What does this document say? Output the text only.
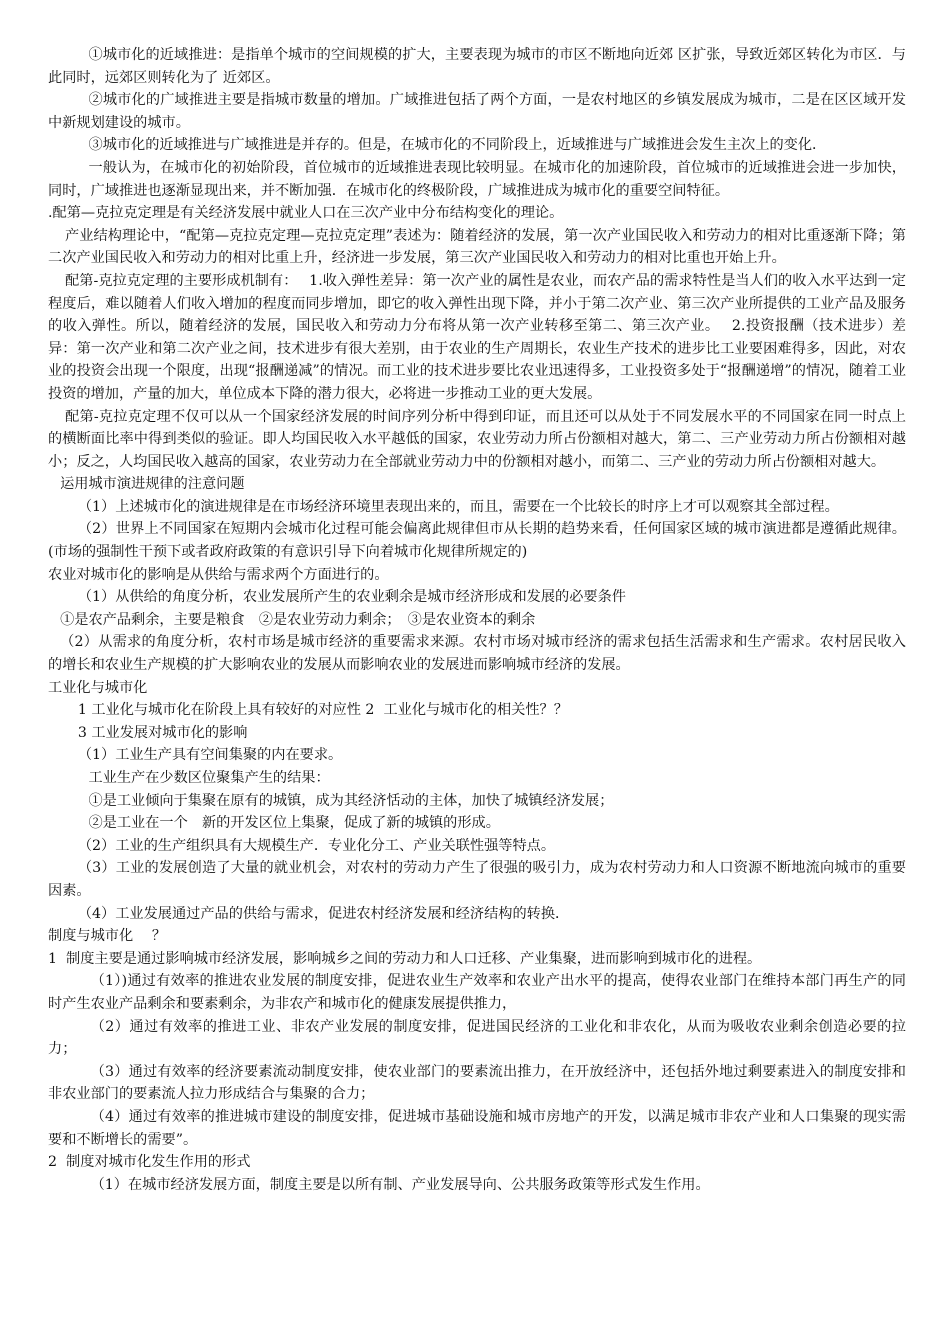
①城市化的近域推进：是指单个城市的空间规模的扩大，主要表现为城市的市区不断地向近郊 区扩张，导致近郊区转化为市区．与此同时，远郊区则转化为了 近郊区。

②城市化的广域推进主要是指城市数量的增加。广域推进包括了两个方面，一是农村地区的乡镇发展成为城市，二是在区区域开发中新规划建设的城市。

③城市化的近域推进与广域推进是并存的。但是，在城市化的不同阶段上，近域推进与广域推进会发生主次上的变化．

一般认为，在城市化的初始阶段，首位城市的近域推进表现比较明显。在城市化的加速阶段，首位城市的近域推进会进一步加快，同时，广域推进也逐渐显现出来，并不断加强．在城市化的终极阶段，广域推进成为城市化的重要空间特征。

.配第—克拉克定理是有关经济发展中就业人口在三次产业中分布结构变化的理论。

产业结构理论中，“配第—克拉克定理—克拉克定理”表述为：随着经济的发展，第一次产业国民收入和劳动力的相对比重逐渐下降；第二次产业国民收入和劳动力的相对比重上升，经济进一步发展，第三次产业国民收入和劳动力的相对比重也开始上升。

配第-克拉克定理的主要形成机制有：　 1.收入弹性差异：第一次产业的属性是农业，而农产品的需求特性是当人们的收入水平达到一定程度后，难以随着人们收入增加的程度而同步增加，即它的收入弹性出现下降，并小于第二次产业、第三次产业所提供的工业产品及服务的收入弹性。所以，随着经济的发展，国民收入和劳动力分布将从第一次产业转移至第二、第三次产业。　 2.投资报酬（技术进步）差异：第一次产业和第二次产业之间，技术进步有很大差别，由于农业的生产周期长，农业生产技术的进步比工业要困难得多，因此，对农业的投资会出现一个限度，出现“报酬递减”的情况。而工业的技术进步要比农业迅速得多，工业投资多处于“报酬递增”的情况，随着工业投资的增加，产量的加大，单位成本下降的潜力很大，必将进一步推动工业的更大发展。

配第-克拉克定理不仅可以从一个国家经济发展的时间序列分析中得到印证，而且还可以从处于不同发展水平的不同国家在同一时点上的横断面比率中得到类似的验证。即人均国民收入水平越低的国家，农业劳动力所占份额相对越大，第二、三产业劳动力所占份额相对越小；反之，人均国民收入越高的国家，农业劳动力在全部就业劳动力中的份额相对越小，而第二、三产业的劳动力所占份额相对越大。

运用城市演进规律的注意问题

（1）上述城市化的演进规律是在市场经济环境里表现出来的，而且，需要在一个比较长的时序上才可以观察其全部过程。

（2）世界上不同国家在短期内会城市化过程可能会偏离此规律但市从长期的趋势来看，任何国家区域的城市演进都是遵循此规律。(市场的强制性干预下或者政府政策的有意识引导下向着城市化规律所规定的)

农业对城市化的影响是从供给与需求两个方面进行的。

（1）从供给的角度分析，农业发展所产生的农业剩余是城市经济形成和发展的必要条件

①是农产品剩余，主要是粮食　②是农业劳动力剩余；　③是农业资本的剩余

（2）从需求的角度分析，农村市场是城市经济的重要需求来源。农村市场对城市经济的需求包括生活需求和生产需求。农村居民收入的增长和农业生产规模的扩大影响农业的发展从而影响农业的发展进而影响城市经济的发展。

工业化与城市化

1 工业化与城市化在阶段上具有较好的对应性 2  工业化与城市化的相关性？？

3 工业发展对城市化的影响

（1）工业生产具有空间集聚的内在要求。

工业生产在少数区位聚集产生的结果：

①是工业倾向于集聚在原有的城镇，成为其经济恬动的主体，加快了城镇经济发展；

②是工业在一个　新的开发区位上集聚，促成了新的城镇的形成。

（2）工业的生产组织具有大规模生产．专业化分工、产业关联性强等特点。

（3）工业的发展创造了大量的就业机会，对农村的劳动力产生了很强的吸引力，成为农村劳动力和人口资源不断地流向城市的重要因素。

（4）工业发展通过产品的供给与需求，促进农村经济发展和经济结构的转换．

制度与城市化　 ？

1  制度主要是通过影响城市经济发展，影响城乡之间的劳动力和人口迁移、产业集聚，进而影响到城市化的进程。

（1）)通过有效率的推进农业发展的制度安排，促进农业生产效率和农业产出水平的提高，使得农业部门在维持本部门再生产的同时产生农业产品剩余和要素剩余，为非农产和城市化的健康发展提供推力，

（2）通过有效率的推进工业、非农产业发展的制度安排，促进国民经济的工业化和非农化，从而为吸收农业剩余创造必要的拉力；

（3）通过有效率的经济要素流动制度安排，使农业部门的要素流出推力，在开放经济中，还包括外地过剩要素进入的制度安排和非农业部门的要素流人拉力形成结合与集聚的合力；

（4）通过有效率的推进城市建设的制度安排，促进城市基础设施和城市房地产的开发，以满足城市非农产业和人口集聚的现实需要和不断增长的需要”。

2  制度对城市化发生作用的形式

（1）在城市经济发展方面，制度主要是以所有制、产业发展导向、公共服务政策等形式发生作用。
